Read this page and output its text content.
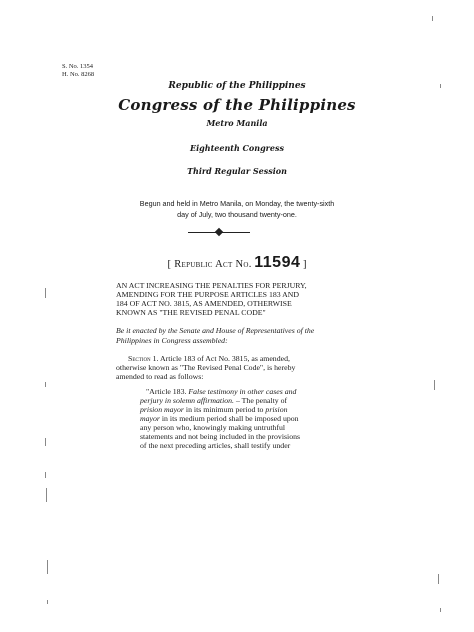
S. No. 1354
H. No. 8268
Republic of the Philippines
Congress of the Philippines
Metro Manila
Eighteenth Congress
Third Regular Session
Begun and held in Metro Manila, on Monday, the twenty-sixth
day of July, two thousand twenty-one.
[ Republic Act No. 11594 ]
AN ACT INCREASING THE PENALTIES FOR PERJURY,
AMENDING FOR THE PURPOSE ARTICLES 183 AND
184 OF ACT NO. 3815, AS AMENDED, OTHERWISE
KNOWN AS "THE REVISED PENAL CODE"
Be it enacted by the Senate and House of Representatives of the
Philippines in Congress assembled:
Section 1. Article 183 of Act No. 3815, as amended,
otherwise known as "The Revised Penal Code", is hereby
amended to read as follows:
"Article 183. False testimony in other cases and
perjury in solemn affirmation. – The penalty of
prision mayor in its minimum period to prision
mayor in its medium period shall be imposed upon
any person who, knowingly making untruthful
statements and not being included in the provisions
of the next preceding articles, shall testify under
